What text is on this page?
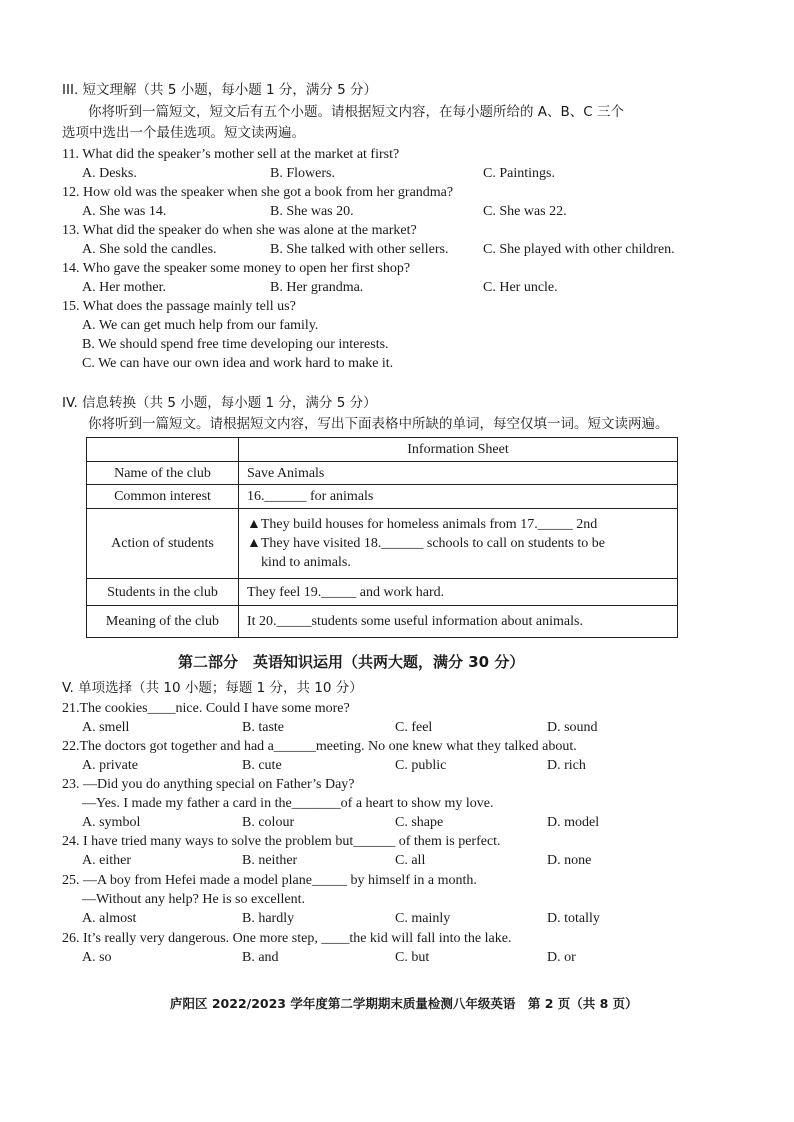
III. 短文理解（共 5 小题，每小题 1 分，满分 5 分）
你将听到一篇短文，短文后有五个小题。请根据短文内容，在每小题所给的 A、B、C 三个
选项中选出一个最佳选项。短文读两遍。
11. What did the speaker’s mother sell at the market at first?
A. Desks.	B. Flowers.	C. Paintings.
12. How old was the speaker when she got a book from her grandma?
A. She was 14.	B. She was 20.	C. She was 22.
13. What did the speaker do when she was alone at the market?
A. She sold the candles.	B. She talked with other sellers. C. She played with other children.
14. Who gave the speaker some money to open her first shop?
A. Her mother.	B. Her grandma.	C. Her uncle.
15. What does the passage mainly tell us?
A. We can get much help from our family.
B. We should spend free time developing our interests.
C. We can have our own idea and work hard to make it.
IV. 信息转换（共 5 小题，每小题 1 分，满分 5 分）
你将听到一篇短文。请根据短文内容，写出下面表格中所缺的单词，每空仅填一词。短文读两遍。
	Information Sheet
Name of the club	Save Animals
Common interest	16.______ for animals
Action of students	▲They build houses for homeless animals from 17._____ 2nd
▲They have visited 18.______ schools to call on students to be
kind to animals.
Students in the club	They feel 19._____ and work hard.
Meaning of the club	It 20._____students some useful information about animals.
第二部分　英语知识运用（共两大题，满分 30 分）
V. 单项选择（共 10 小题；每题 1 分，共 10 分）
21.The cookies____nice. Could I have some more?
A. smell	B. taste	C. feel	D. sound
22.The doctors got together and had a______meeting. No one knew what they talked about.
A. private	B. cute	C. public	D. rich
23. —Did you do anything special on Father’s Day?
—Yes. I made my father a card in the_______of a heart to show my love.
A. symbol	B. colour	C. shape	D. model
24. I have tried many ways to solve the problem but______ of them is perfect.
A. either	B. neither	C. all	D. none
25. —A boy from Hefei made a model plane_____ by himself in a month.
—Without any help? He is so excellent.
A. almost	B. hardly	C. mainly	D. totally
26. It’s really very dangerous. One more step, ____the kid will fall into the lake.
A. so	B. and	C. but	D. or
庐阳区 2022/2023 学年度第二学期期末质量检测八年级英语　第 2 页（共 8 页）
